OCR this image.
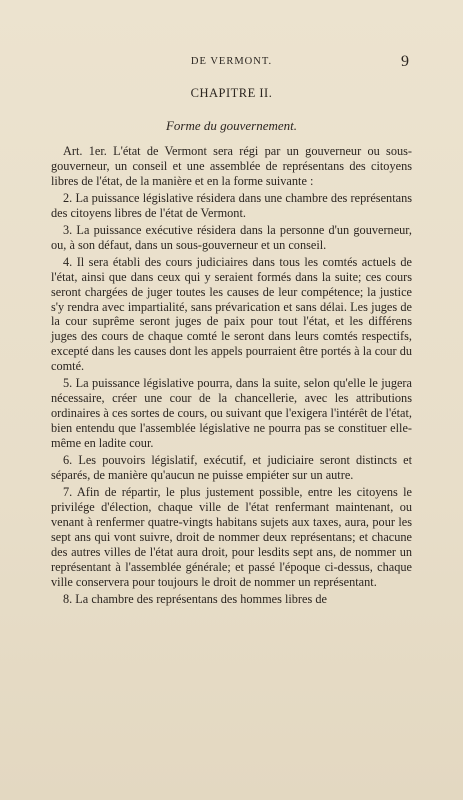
DE VERMONT.	9
CHAPITRE II.
Forme du gouvernement.

Art. 1er. L'état de Vermont sera régi par un gouverneur ou sous-gouverneur, un conseil et une assemblée de représentans des citoyens libres de l'état, de la manière et en la forme suivante :

2. La puissance législative résidera dans une chambre des représentans des citoyens libres de l'état de Vermont.

3. La puissance exécutive résidera dans la personne d'un gouverneur, ou, à son défaut, dans un sous-gouverneur et un conseil.

4. Il sera établi des cours judiciaires dans tous les comtés actuels de l'état, ainsi que dans ceux qui y seraient formés dans la suite; ces cours seront chargées de juger toutes les causes de leur compétence; la justice s'y rendra avec impartialité, sans prévarication et sans délai. Les juges de la cour suprême seront juges de paix pour tout l'état, et les différens juges des cours de chaque comté le seront dans leurs comtés respectifs, excepté dans les causes dont les appels pourraient être portés à la cour du comté.

5. La puissance législative pourra, dans la suite, selon qu'elle le jugera nécessaire, créer une cour de la chancellerie, avec les attributions ordinaires à ces sortes de cours, ou suivant que l'exigera l'intérêt de l'état, bien entendu que l'assemblée législative ne pourra pas se constituer elle-même en ladite cour.

6. Les pouvoirs législatif, exécutif, et judiciaire seront distincts et séparés, de manière qu'aucun ne puisse empiéter sur un autre.

7. Afin de répartir, le plus justement possible, entre les citoyens le privilége d'élection, chaque ville de l'état renfermant maintenant, ou venant à renfermer quatre-vingts habitans sujets aux taxes, aura, pour les sept ans qui vont suivre, droit de nommer deux représentans; et chacune des autres villes de l'état aura droit, pour lesdits sept ans, de nommer un représentant à l'assemblée générale; et passé l'époque ci-dessus, chaque ville conservera pour toujours le droit de nommer un représentant.

8. La chambre des représentans des hommes libres de
